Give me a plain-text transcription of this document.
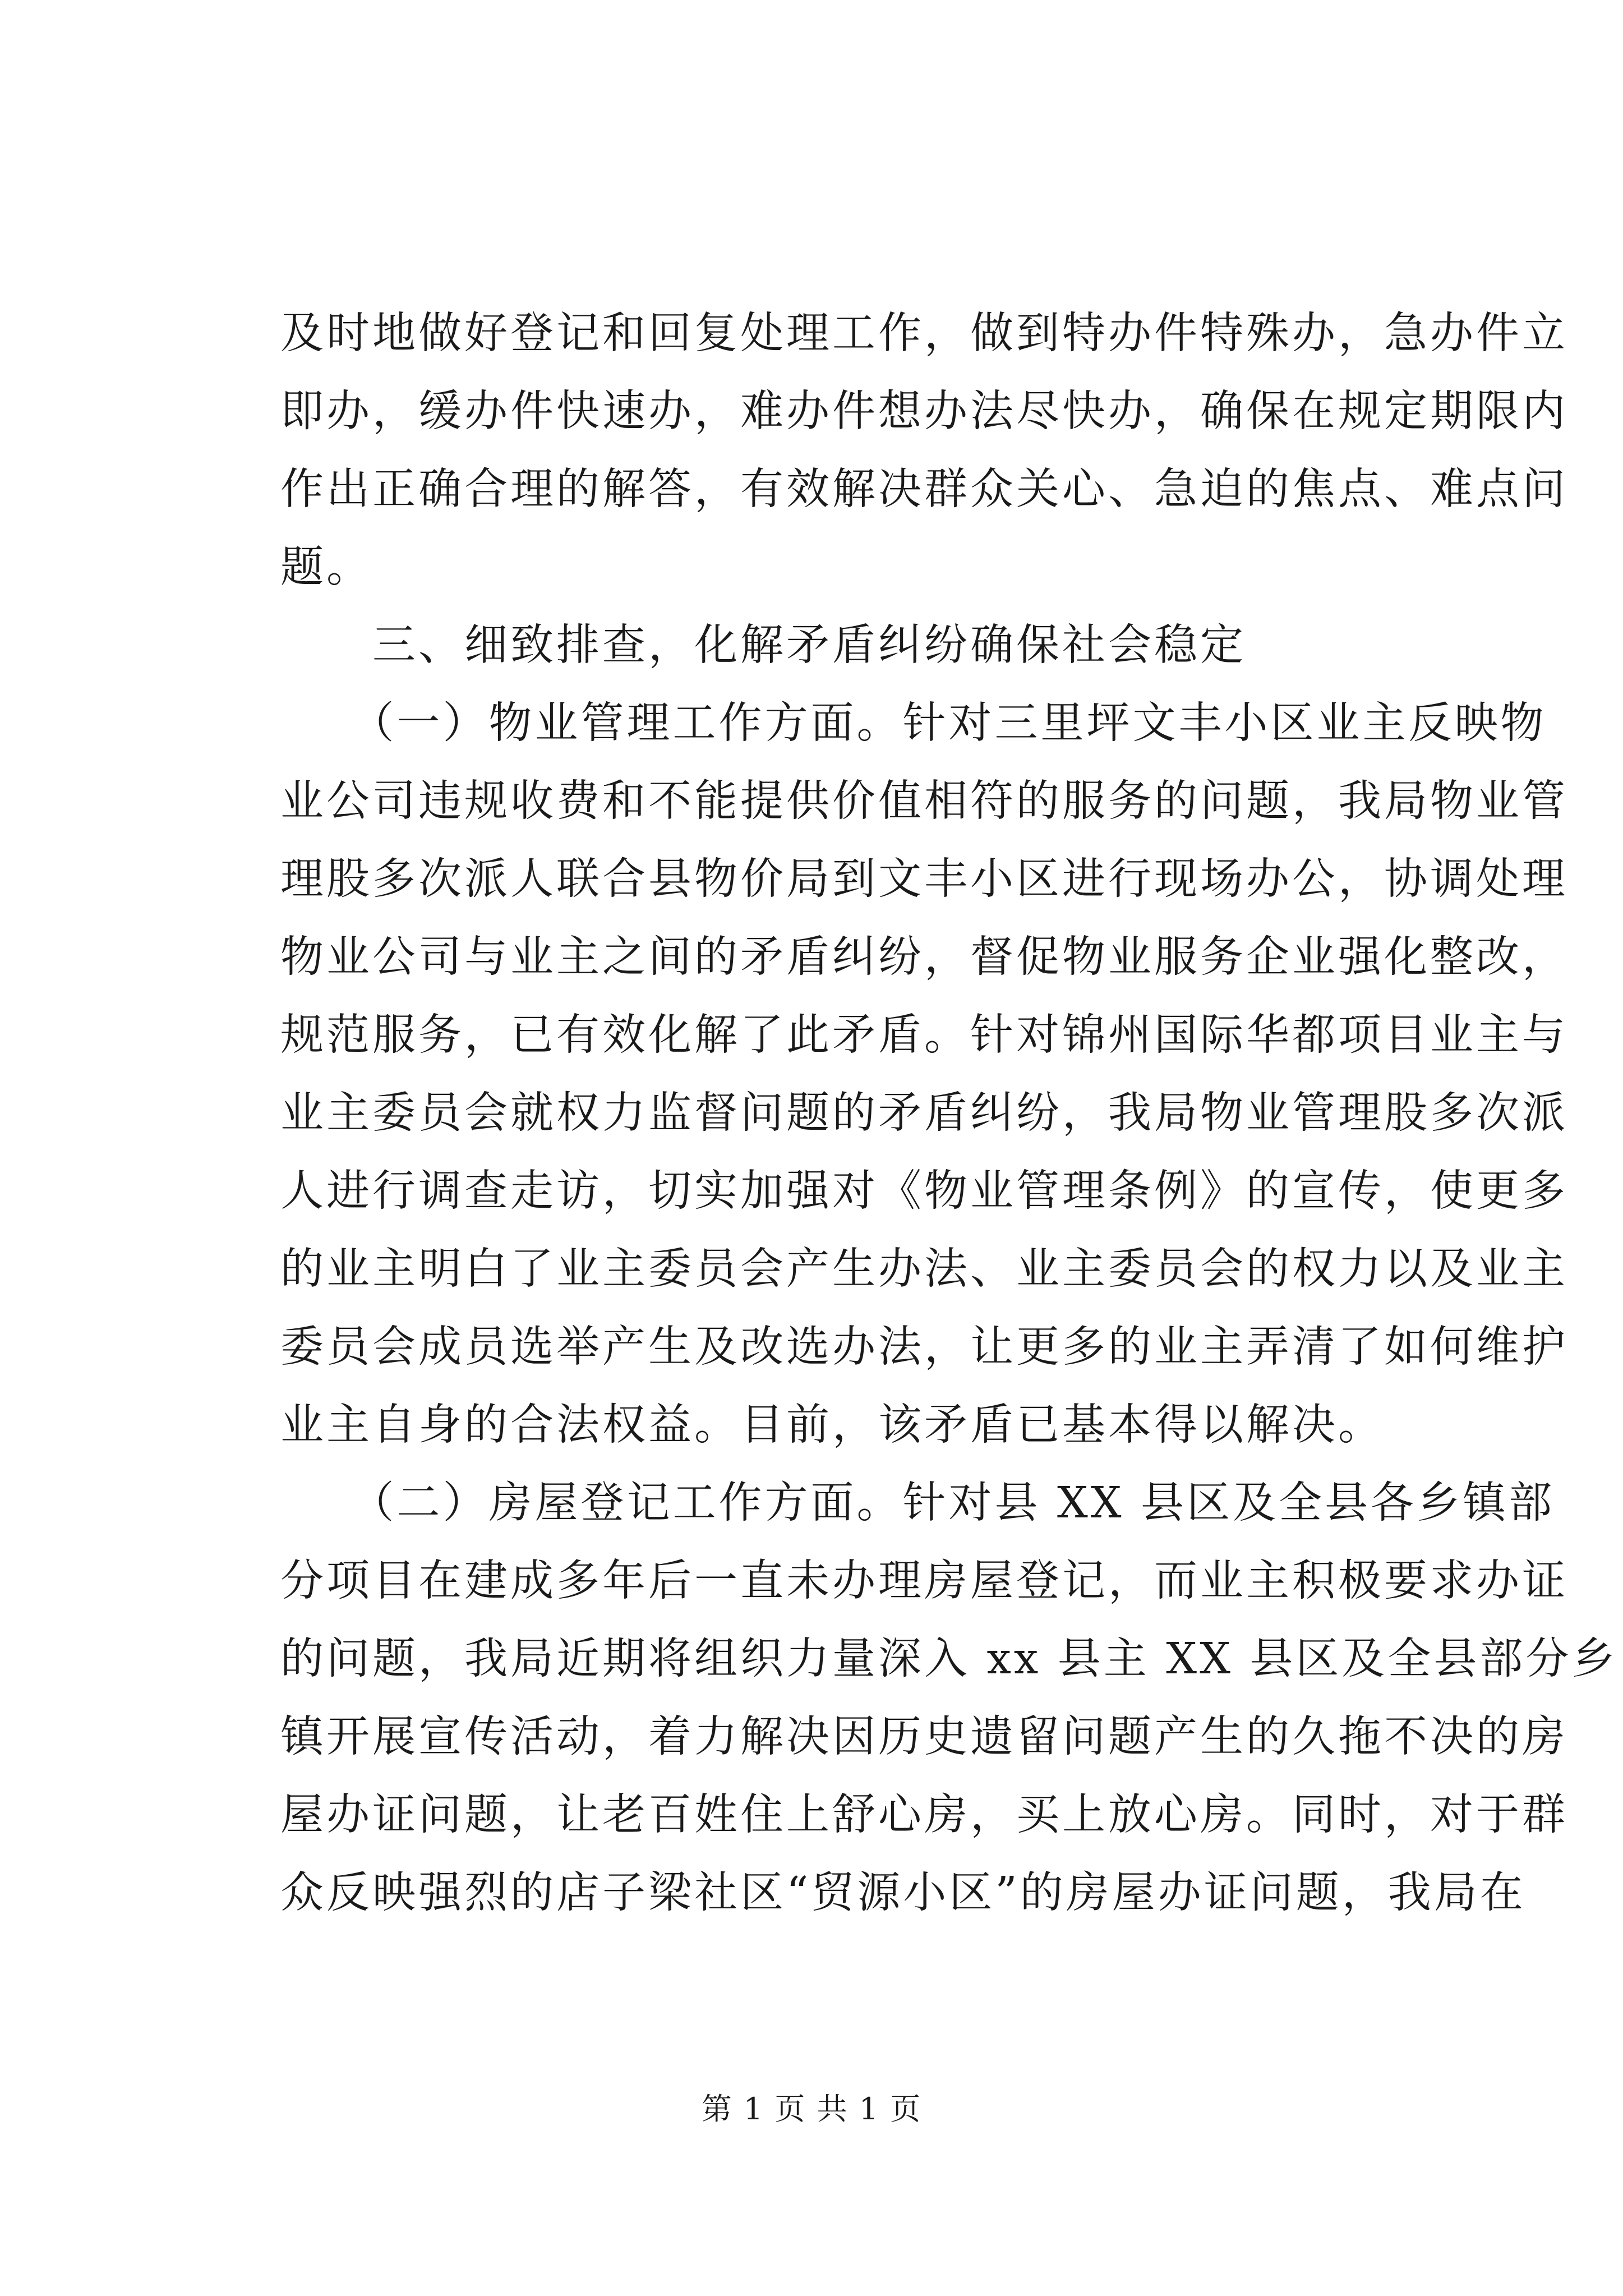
及时地做好登记和回复处理工作，做到特办件特殊办，急办件立
即办，缓办件快速办，难办件想办法尽快办，确保在规定期限内
作出正确合理的解答，有效解决群众关心、急迫的焦点、难点问
题。
　　三、细致排查，化解矛盾纠纷确保社会稳定
　　（一）物业管理工作方面。针对三里坪文丰小区业主反映物
业公司违规收费和不能提供价值相符的服务的问题，我局物业管
理股多次派人联合县物价局到文丰小区进行现场办公，协调处理
物业公司与业主之间的矛盾纠纷，督促物业服务企业强化整改，
规范服务，已有效化解了此矛盾。针对锦州国际华都项目业主与
业主委员会就权力监督问题的矛盾纠纷，我局物业管理股多次派
人进行调查走访，切实加强对《物业管理条例》的宣传，使更多
的业主明白了业主委员会产生办法、业主委员会的权力以及业主
委员会成员选举产生及改选办法，让更多的业主弄清了如何维护
业主自身的合法权益。目前，该矛盾已基本得以解决。
　　（二）房屋登记工作方面。针对县 XX 县区及全县各乡镇部
分项目在建成多年后一直未办理房屋登记，而业主积极要求办证
的问题，我局近期将组织力量深入 xx 县主 XX 县区及全县部分乡
镇开展宣传活动，着力解决因历史遗留问题产生的久拖不决的房
屋办证问题，让老百姓住上舒心房，买上放心房。同时，对于群
众反映强烈的店子梁社区“贸源小区”的房屋办证问题，我局在
第 1 页 共 1 页
